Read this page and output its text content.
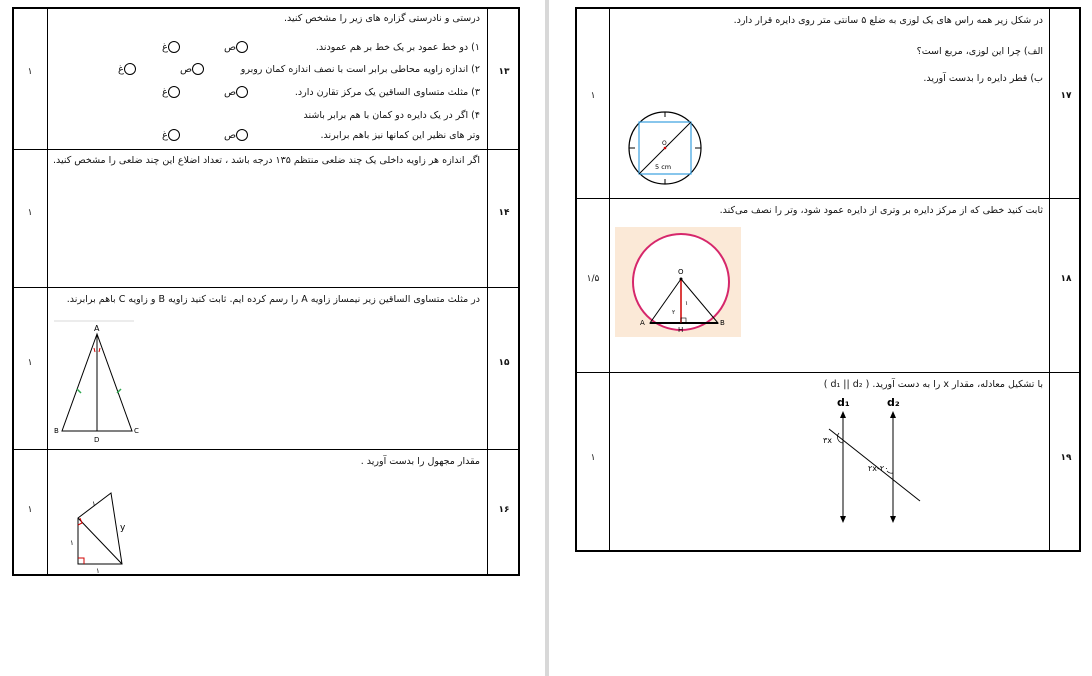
۱	۱۳
درستی و نادرستی گزاره های زیر را مشخص کنید.
۱) دو خط عمود بر یک خط بر هم عمودند.
۲) اندازه زاویه محاطی برابر است با نصف اندازه کمان روبرو
۳) مثلث متساوی الساقین یک مرکز تقارن دارد.
۴) اگر در یک دایره دو کمان با هم برابر باشند
وتر های نظیر این کمانها نیز باهم برابرند.
ص
غ
ص
غ
ص
غ
ص
غ
۱	۱۴
اگر اندازه هر زاویه داخلی یک چند ضلعی منتظم ۱۳۵ درجه باشد ، تعداد اضلاع این چند ضلعی را مشخص کنید.
۱	۱۵
در مثلث متساوی الساقین زیر نیمساز زاویه A را رسم کرده ایم. ثابت کنید زاویه B و زاویه C باهم برابرند.
A
B	C
D
۱	۱۶
مقدار مجهول را بدست آورید .
y
۱
۱
۱
۱	۱۷
در شکل زیر همه راس های یک لوزی به ضلع ۵ سانتی متر روی دایره قرار دارد.
الف) چرا این لوزی، مربع است؟
ب) قطر دایره را بدست آورید.
O
5 cm
۱/۵	۱۸
ثابت کنید خطی که از مرکز دایره بر وتری از دایره عمود شود، وتر را نصف می‌کند.
O
A	B
H
۲
۱
۱	۱۹
با تشکیل معادله، مقدار x را به دست آورید. ( d₁ || d₂ )
d₁	d₂
۳x
۲x-۲۰
